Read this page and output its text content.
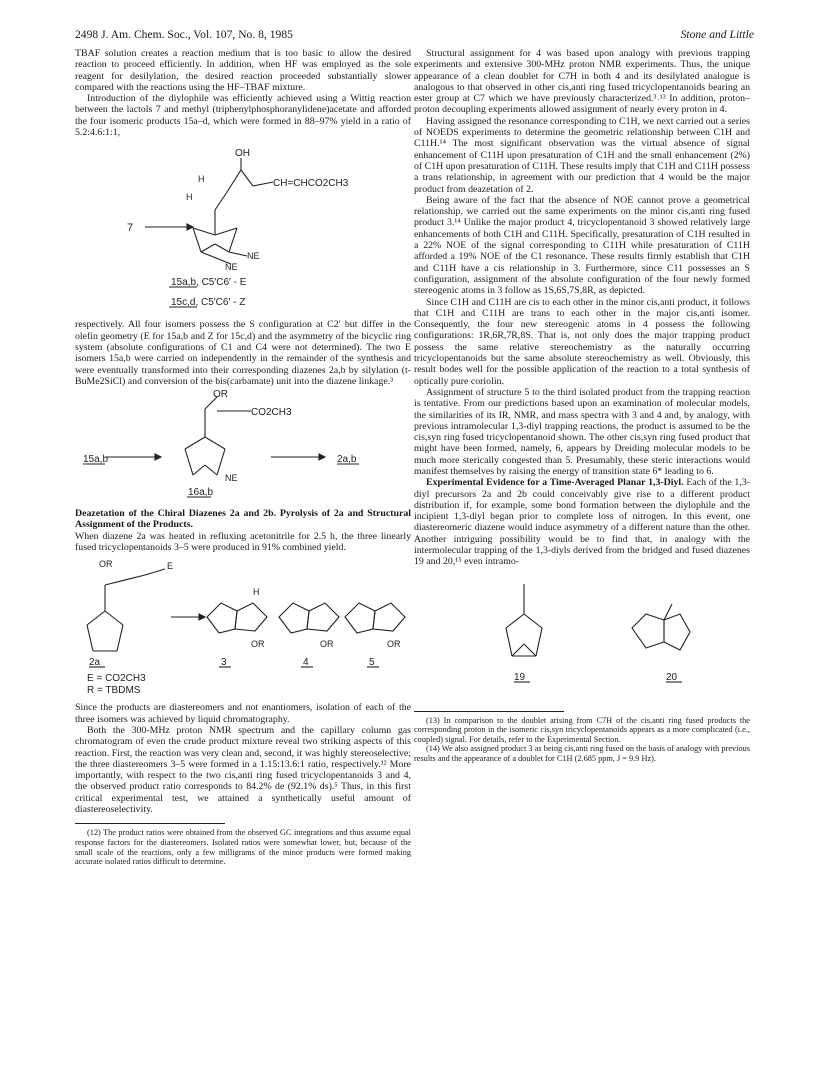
2498 J. Am. Chem. Soc., Vol. 107, No. 8, 1985	Stone and Little

TBAF solution creates a reaction medium that is too basic to allow the desired reaction to proceed efficiently. In addition, when HF was employed as the sole reagent for desilylation, the desired reaction proceeded substantially slower compared with the reactions using the HF–TBAF mixture.

Introduction of the diylophile was efficiently achieved using a Wittig reaction between the lactols 7 and methyl (triphenylphosphoranylidene)acetate and afforded the four isomeric products 15a–d, which were formed in 88–97% yield in a ratio of 5.2:4.6:1:1,

OH
H
H
CH=CHCO2CH3
NE
NE
7
15a,b, C5′C6′ - E
15c,d, C5′C6′ - Z

respectively. All four isomers possess the S configuration at C2′ but differ in the olefin geometry (E for 15a,b and Z for 15c,d) and the asymmetry of the bicyclic ring system (absolute configurations of C1 and C4 were not determined). The two E isomers 15a,b were carried on independently in the remainder of the synthesis and were eventually transformed into their corresponding diazenes 2a,b by silylation (t-BuMe2SiCl) and conversion of the bis(carbamate) unit into the diazene linkage.³

OR
CO2CH3
NE
15a,b
16a,b
2a,b

Deazetation of the Chiral Diazenes 2a and 2b. Pyrolysis of 2a and Structural Assignment of the Products.

When diazene 2a was heated in refluxing acetonitrile for 2.5 h, the three linearly fused tricyclopentanoids 3–5 were produced in 91% combined yield.

OR	E
H
OR	OR	OR
2a	3	4	5
E = CO2CH3
R = TBDMS

Since the products are diastereomers and not enantiomers, isolation of each of the three isomers was achieved by liquid chromatography.

Both the 300-MHz proton NMR spectrum and the capillary column gas chromatogram of even the crude product mixture reveal two striking aspects of this reaction. First, the reaction was very clean and, second, it was highly stereoselective; the three diastereomers 3–5 were formed in a 1.15:13.6:1 ratio, respectively.¹² More importantly, with respect to the two cis,anti ring fused tricyclopentanoids 3 and 4, the observed product ratio corresponds to 84.2% de (92.1% ds).⁵ Thus, in this first critical experimental test, we attained a synthetically useful amount of diastereoselectivity.

(12) The product ratios were obtained from the observed GC integrations and thus assume equal response factors for the diastereomers. Isolated ratios were somewhat lower, but, because of the small scale of the reactions, only a few milligrams of the minor products were formed making accurate isolated ratios difficult to determine.

Structural assignment for 4 was based upon analogy with previous trapping experiments and extensive 300-MHz proton NMR experiments. Thus, the unique appearance of a clean doublet for C7H in both 4 and its desilylated analogue is analogous to that observed in other cis,anti ring fused tricyclopentanoids bearing an ester group at C7 which we have previously characterized.³˒¹³ In addition, proton–proton decoupling experiments allowed assignment of nearly every proton in 4.

Having assigned the resonance corresponding to C1H, we next carried out a series of NOEDS experiments to determine the geometric relationship between C1H and C11H.¹⁴ The most significant observation was the virtual absence of signal enhancement of C11H upon presaturation of C1H and the small enhancement (2%) of C1H upon presaturation of C11H. These results imply that C1H and C11H possess a trans relationship, in agreement with our prediction that 4 would be the major product from deazetation of 2.

Being aware of the fact that the absence of NOE cannot prove a geometrical relationship, we carried out the same experiments on the minor cis,anti ring fused product 3.¹⁴ Unlike the major product 4, tricyclopentanoid 3 showed relatively large enhancements of both C1H and C11H. Specifically, presaturation of C1H resulted in a 22% NOE of the signal corresponding to C11H while presaturation of C11H afforded a 19% NOE of the C1 resonance. These results firmly establish that C1H and C11H have a cis relationship in 3. Furthermore, since C11 possesses an S configuration, assignment of the absolute configuration of the four newly formed stereogenic atoms in 3 follow as 1S,6S,7S,8R, as depicted.

Since C1H and C11H are cis to each other in the minor cis,anti product, it follows that C1H and C11H are trans to each other in the major cis,anti isomer. Consequently, the four new stereogenic atoms in 4 possess the following configurations: 1R,6R,7R,8S. That is, not only does the major trapping product possess the same relative stereochemistry as the naturally occurring tricyclopentanoids but the same absolute stereochemistry as well. Obviously, this result bodes well for the possible application of the reaction to a total synthesis of optically pure coriolin.

Assignment of structure 5 to the third isolated product from the trapping reaction is tentative. From our predictions based upon an examination of molecular models, the similarities of its IR, NMR, and mass spectra with 3 and 4 and, by analogy, with previous intramolecular 1,3-diyl trapping reactions, the product is assumed to be the cis,syn ring fused tricyclopentanoid shown. The other cis,syn ring fused product that might have been formed, namely, 6, appears by Dreiding molecular models to be much more sterically congested than 5. Presumably, these steric interactions would manifest themselves by raising the energy of transition state 6* leading to 6.

Experimental Evidence for a Time-Averaged Planar 1,3-Diyl. Each of the 1,3-diyl precursors 2a and 2b could conceivably give rise to a different product distribution if, for example, some bond formation between the diylophile and the incipient 1,3-diyl began prior to complete loss of nitrogen. In this event, one diastereomeric diazene would induce asymmetry of a different nature than the other. Another intriguing possibility would be to find that, in analogy with the intermolecular trapping of the 1,3-diyls derived from the bridged and fused diazenes 19 and 20,¹⁵ even intramo-

19	20

(13) In comparison to the doublet arising from C7H of the cis,anti ring fused products the corresponding proton in the isomeric cis,syn tricyclopentanoids appears as a more complicated (i.e., coupled) signal. For details, refer to the Experimental Section.

(14) We also assigned product 3 as being cis,anti ring fused on the basis of analogy with previous results and the appearance of a doublet for C1H (2.685 ppm, J = 9.9 Hz).
